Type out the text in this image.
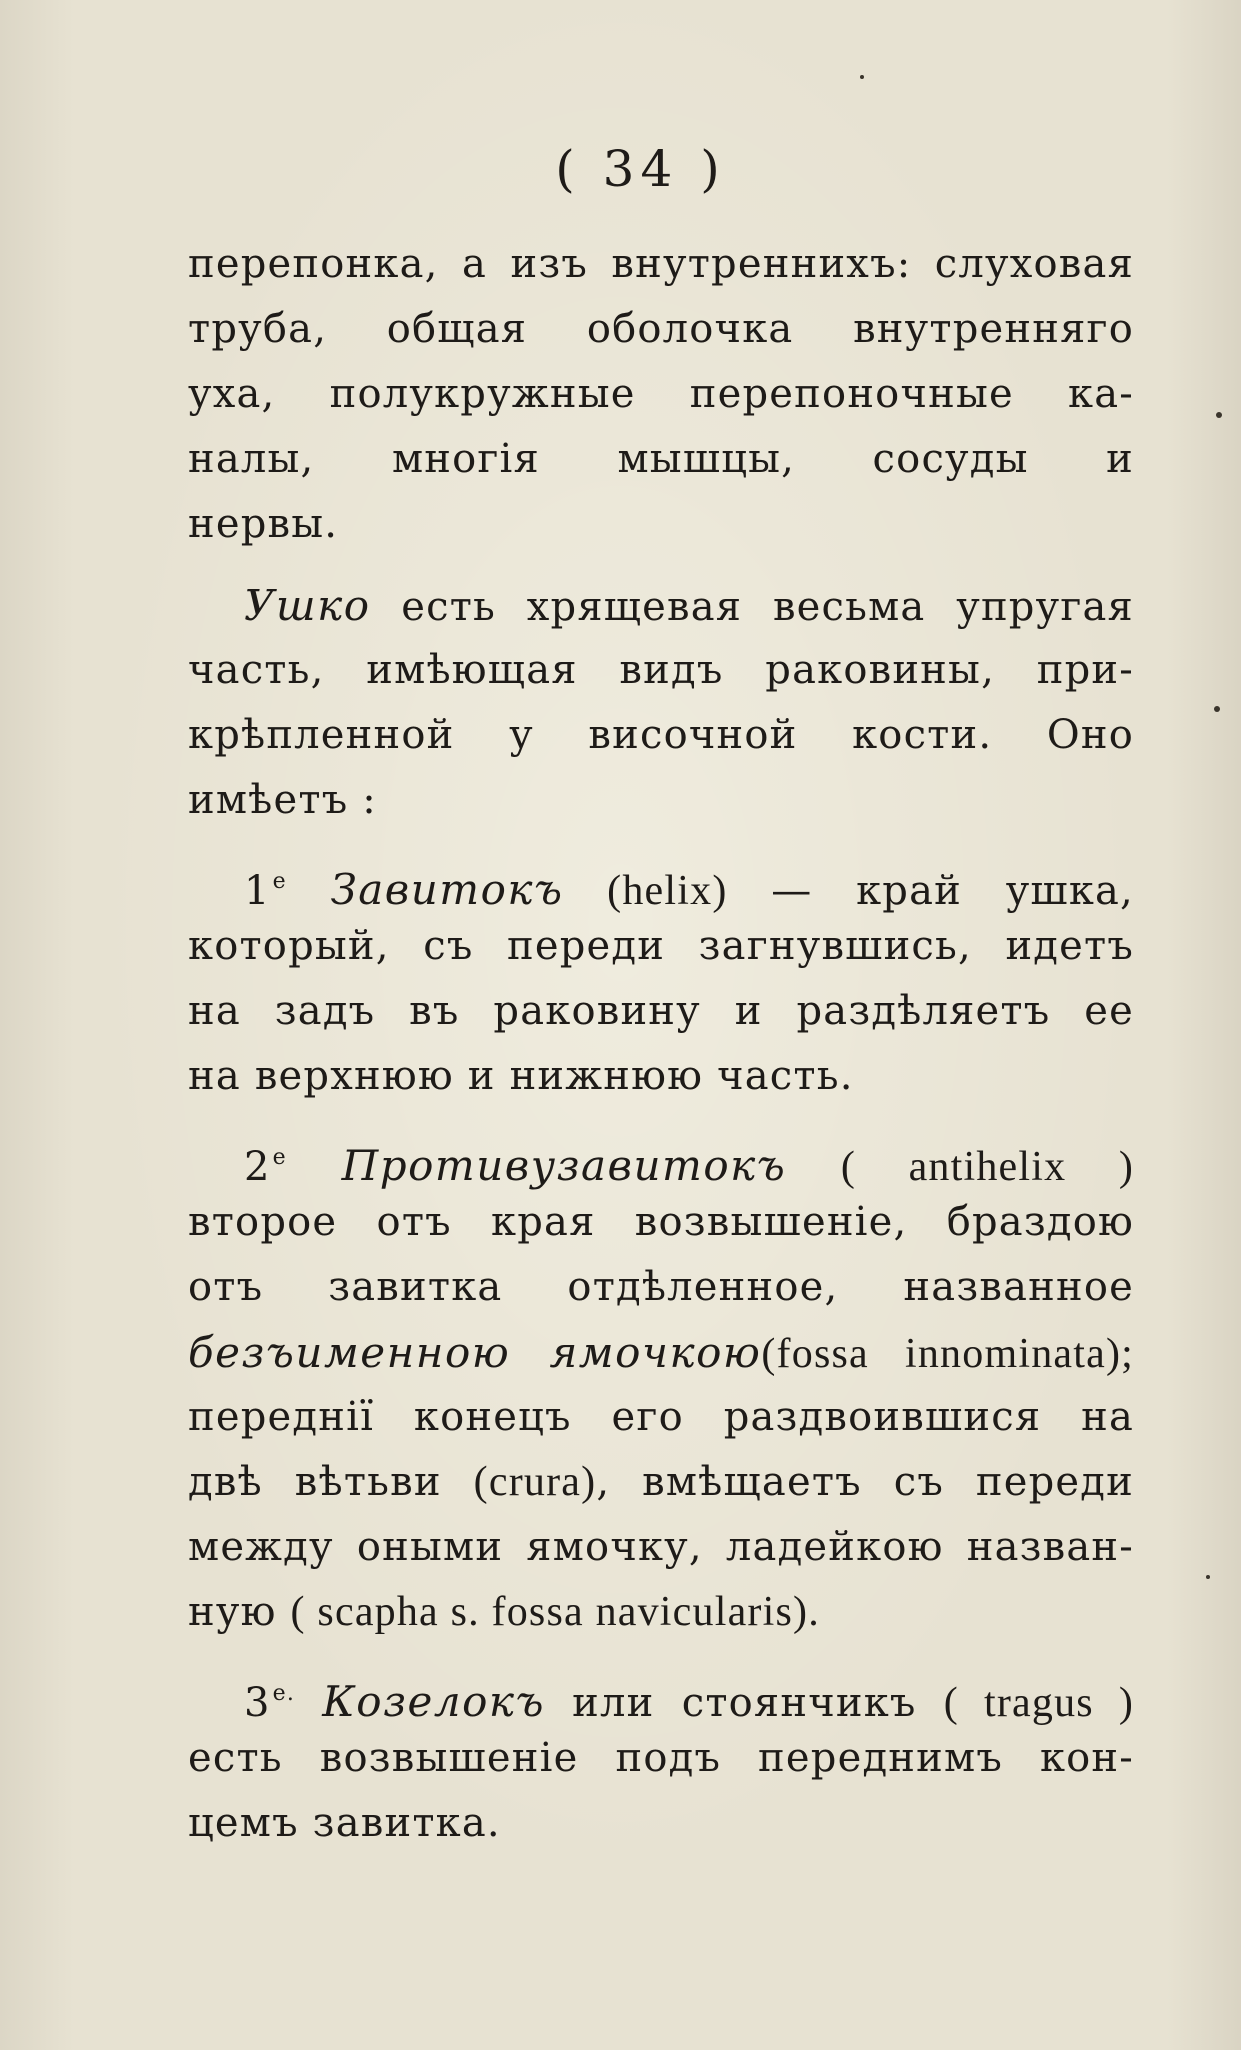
( 34 )
перепонка, а изъ внутреннихъ: слуховая
труба, общая оболочка внутренняго
уха, полукружные перепоночные ка-
налы, многія мышцы, сосуды и
нервы.
Ушко есть хрящевая весьма упругая
часть, имѣющая видъ раковины, при-
крѣпленной у височной кости. Оно
имѣетъ :
$1^е$ Завитокъ (helix) — край ушка,
который, съ переди загнувшись, идетъ
на задъ въ раковину и раздѣляетъ ее
на верхнюю и нижнюю часть.
$2^е$ Противузавитокъ ( antihelix )
второе отъ края возвышеніе, браздою
отъ завитка отдѣленное, названное
безъименною ямочкою(fossa innominata);
переднії конецъ его раздвоившися на
двѣ вѣтьви (crura), вмѣщаетъ съ переди
между оными ямочку, ладейкою назван-
ную ( scapha s. fossa navicularis).
$3^{е.}$ Козелокъ или стоянчикъ ( tragus )
есть возвышеніе подъ переднимъ кон-
цемъ завитка.
